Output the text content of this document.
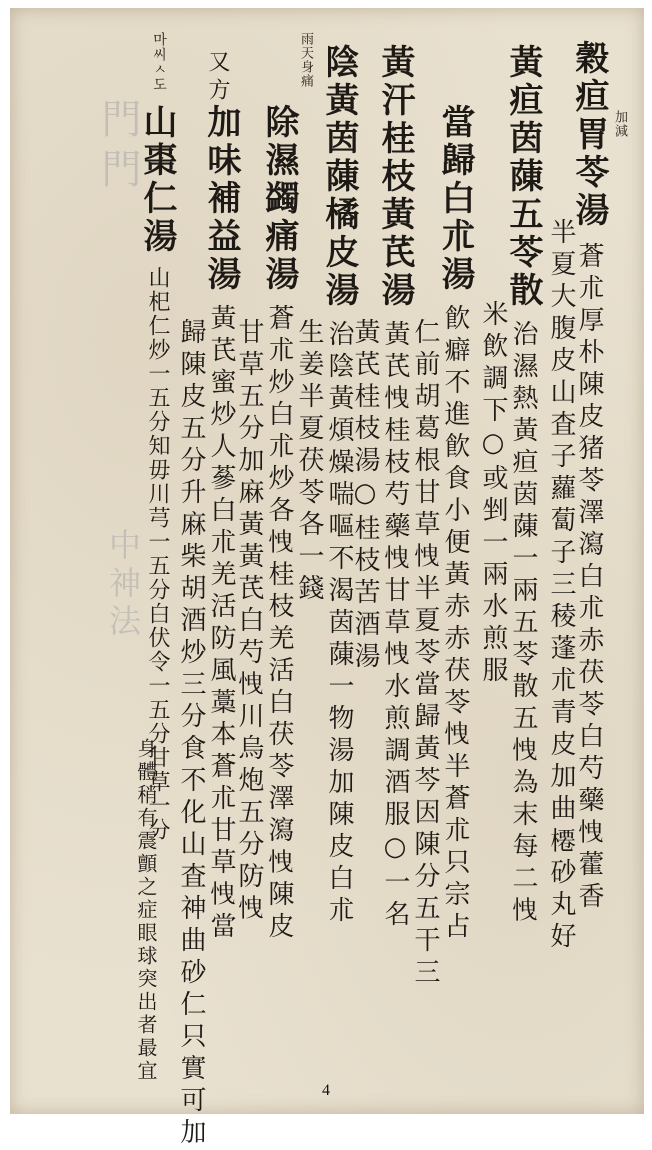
門門
中神法
穀疸胃苓湯蒼朮厚朴陳皮猪苓澤瀉白朮赤茯苓白芍藥𢘽藿香
加減
半夏大腹皮山査子蘿蔔子三稜蓬朮青皮加曲𣘝砂丸好
黃疸茵蔯五苓散治濕熱黃疸茵蔯一兩五苓散五𢘽為末每二𢘽
米飲調下○或剉一兩水煎服
當歸白朮湯飮癖不進飮食小便黃赤赤茯苓𢘽半蒼朮只宗占
仁前胡葛根甘草𢘽半夏苓當歸黃芩因陳分五干三
黃汗桂枝黃芪湯黃芪𢘽桂枝芍藥𢘽甘草𢘽水煎調酒服○一名
黃芪桂枝湯○桂枝苦酒湯
陰黃茵蔯橘皮湯治陰黃煩燥喘嘔不渴茵蔯一物湯加陳皮白朮
生姜半夏茯苓各一錢
除濕蠲痛湯蒼朮炒白朮炒各𢘽桂枝羌活白茯苓澤瀉𢘽陳皮
雨天身痛
甘草五分加麻黃黃芪白芍𢘽川烏炮五分防𢘽
加味補益湯黃芪蜜炒人蔘白朮羌活防風藁本蒼朮甘草𢘽當
又方
歸陳皮五分升麻柴胡酒炒三分食不化山査神曲砂仁只實可加
山棗仁湯山𣏌仁炒一五分知毋川芎一五分白伏令一五分甘草一分
마씨ㅅ도
身體稍有震顫之症眼球突出者最宜
4
